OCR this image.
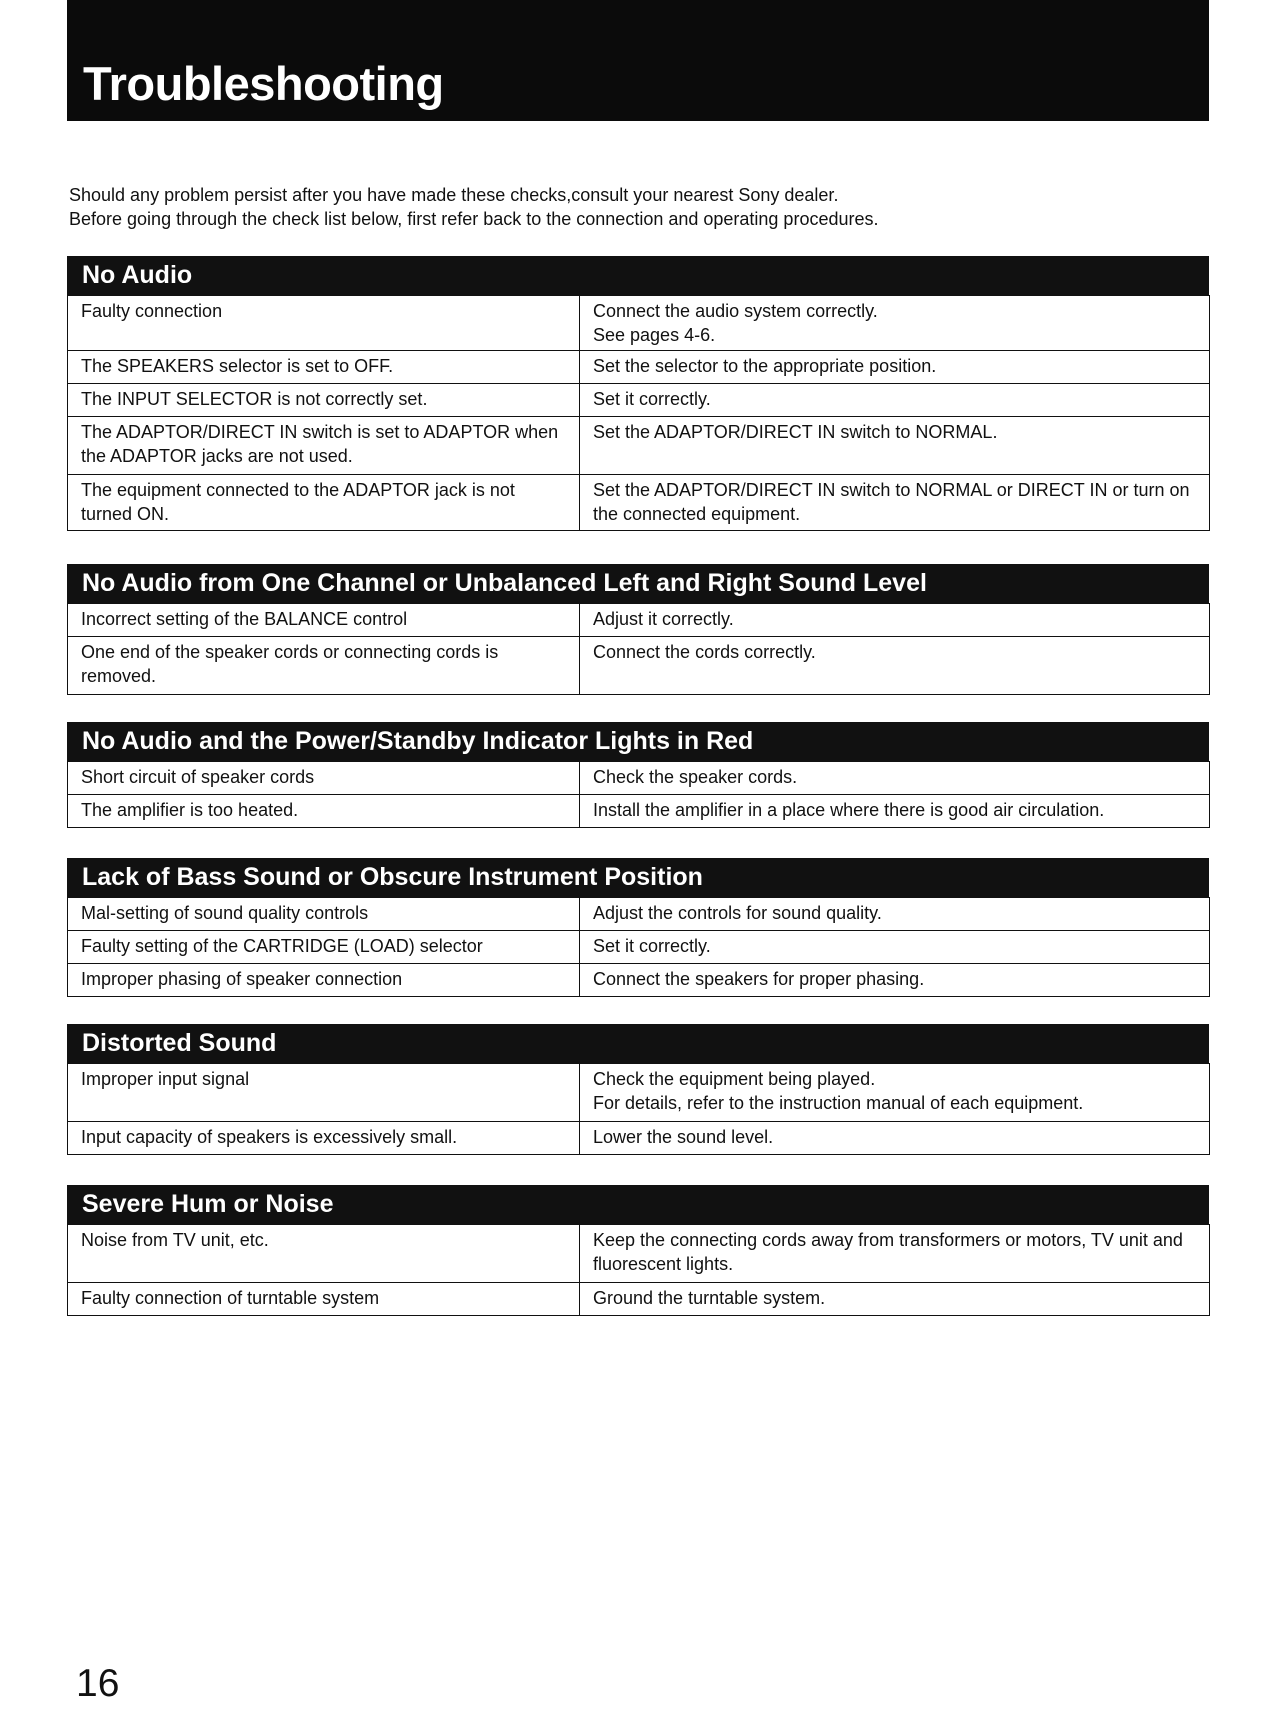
Troubleshooting
Should any problem persist after you have made these checks,consult your nearest Sony dealer.
Before going through the check list below, first refer back to the connection and operating procedures.
No Audio
Faulty connection	Connect the audio system correctly.
See pages 4-6.

The SPEAKERS selector is set to OFF.	Set the selector to the appropriate position.
The INPUT SELECTOR is not correctly set.	Set it correctly.
The ADAPTOR/DIRECT IN switch is set to ADAPTOR when the ADAPTOR jacks are not used.	Set the ADAPTOR/DIRECT IN switch to NORMAL.
The equipment connected to the ADAPTOR jack is not turned ON.	Set the ADAPTOR/DIRECT IN switch to NORMAL or DIRECT IN or turn on the connected equipment.
No Audio from One Channel or Unbalanced Left and Right Sound Level
Incorrect setting of the BALANCE control	Adjust it correctly.
One end of the speaker cords or connecting cords is removed.	Connect the cords correctly.
No Audio and the Power/Standby Indicator Lights in Red
Short circuit of speaker cords	Check the speaker cords.
The amplifier is too heated.	Install the amplifier in a place where there is good air circulation.
Lack of Bass Sound or Obscure Instrument Position
Mal-setting of sound quality controls	Adjust the controls for sound quality.
Faulty setting of the CARTRIDGE (LOAD) selector	Set it correctly.
Improper phasing of speaker connection	Connect the speakers for proper phasing.
Distorted Sound
Improper input signal	Check the equipment being played.
For details, refer to the instruction manual of each equipment.

Input capacity of speakers is excessively small.	Lower the sound level.
Severe Hum or Noise
Noise from TV unit, etc.	Keep the connecting cords away from transformers or motors, TV unit and fluorescent lights.
Faulty connection of turntable system	Ground the turntable system.
16
